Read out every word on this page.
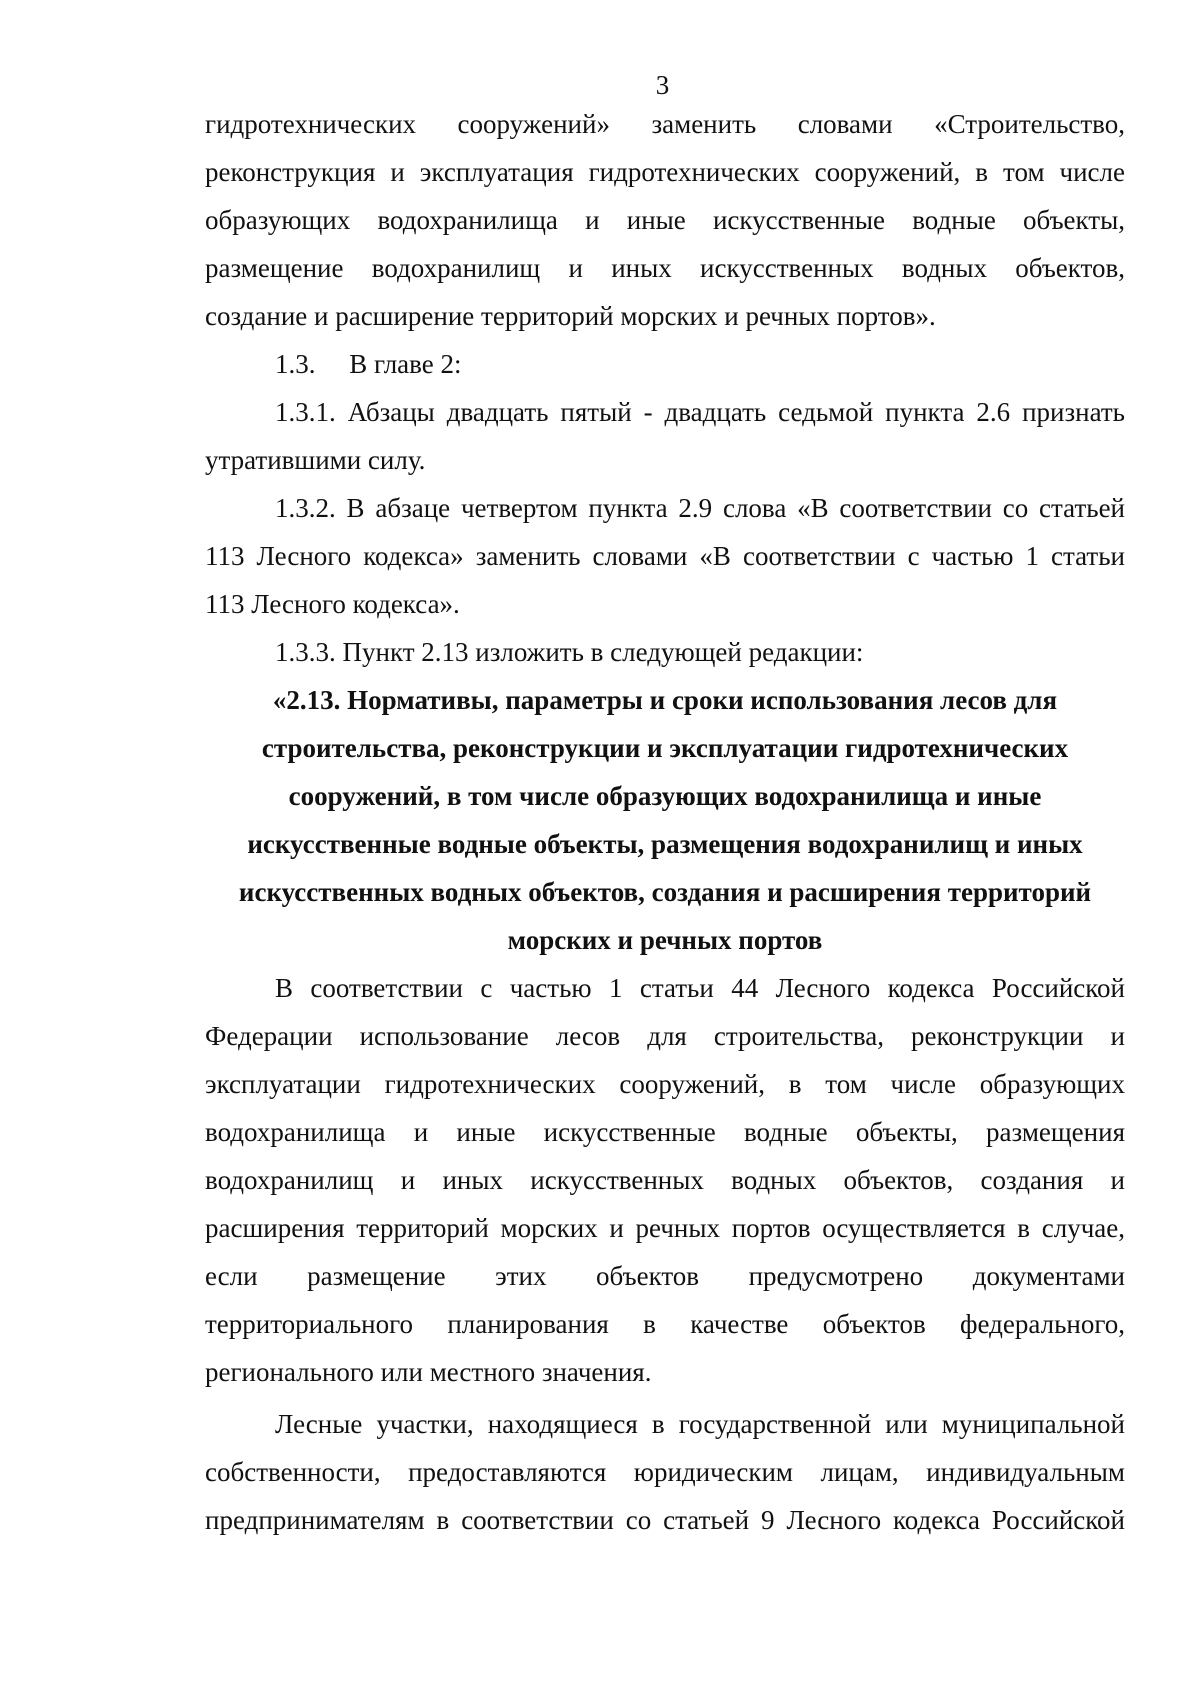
3
гидротехнических сооружений» заменить словами «Строительство,
реконструкция и эксплуатация гидротехнических сооружений, в том числе
образующих водохранилища и иные искусственные водные объекты,
размещение водохранилищ и иных искусственных водных объектов,
создание и расширение территорий морских и речных портов».
1.3.  В главе 2:
1.3.1. Абзацы двадцать пятый - двадцать седьмой пункта 2.6 признать
утратившими силу.
1.3.2. В абзаце четвертом пункта 2.9 слова «В соответствии со статьей
113 Лесного кодекса» заменить словами «В соответствии с частью 1 статьи
113 Лесного кодекса».
1.3.3. Пункт 2.13 изложить в следующей редакции:
«2.13. Нормативы, параметры и сроки использования лесов для
строительства, реконструкции и эксплуатации гидротехнических
сооружений, в том числе образующих водохранилища и иные
искусственные водные объекты, размещения водохранилищ и иных
искусственных водных объектов, создания и расширения территорий
морских и речных портов
В соответствии с частью 1 статьи 44 Лесного кодекса Российской
Федерации использование лесов для строительства, реконструкции и
эксплуатации гидротехнических сооружений, в том числе образующих
водохранилища и иные искусственные водные объекты, размещения
водохранилищ и иных искусственных водных объектов, создания и
расширения территорий морских и речных портов осуществляется в случае,
если размещение этих объектов предусмотрено документами
территориального планирования в качестве объектов федерального,
регионального или местного значения.
Лесные участки, находящиеся в государственной или муниципальной
собственности, предоставляются юридическим лицам, индивидуальным
предпринимателям в соответствии со статьей 9 Лесного кодекса Российской
